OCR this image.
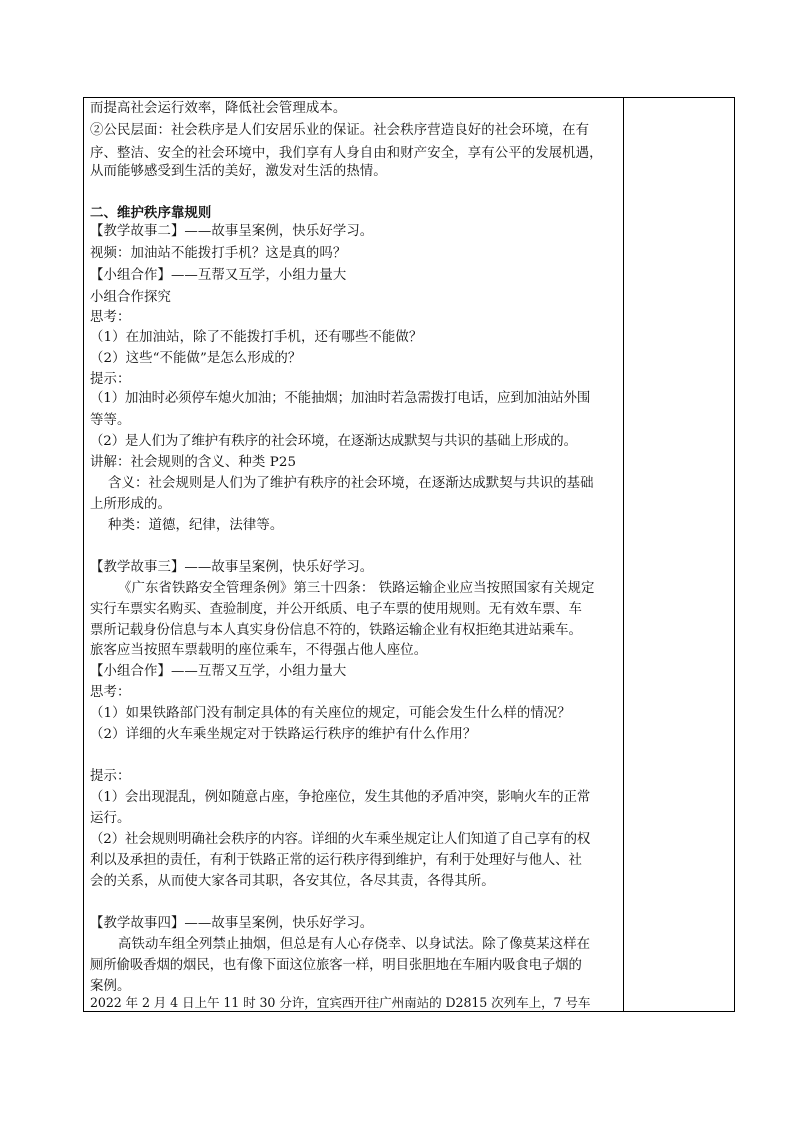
而提高社会运行效率，降低社会管理成本。
②公民层面：社会秩序是人们安居乐业的保证。社会秩序营造良好的社会环境，在有
序、整洁、安全的社会环境中，我们享有人身自由和财产安全，享有公平的发展机遇，
从而能够感受到生活的美好，激发对生活的热情。
二、维护秩序靠规则
【教学故事二】——故事呈案例，快乐好学习。
视频：加油站不能拨打手机？这是真的吗？
【小组合作】——互帮又互学，小组力量大
小组合作探究
思考：
（1）在加油站，除了不能拨打手机，还有哪些不能做？
（2）这些“不能做”是怎么形成的？
提示：
（1）加油时必须停车熄火加油；不能抽烟；加油时若急需拨打电话，应到加油站外围
等等。
（2）是人们为了维护有秩序的社会环境，在逐渐达成默契与共识的基础上形成的。
讲解：社会规则的含义、种类 P25
含义：社会规则是人们为了维护有秩序的社会环境，在逐渐达成默契与共识的基础
上所形成的。
种类：道德，纪律，法律等。
【教学故事三】——故事呈案例，快乐好学习。
《广东省铁路安全管理条例》第三十四条： 铁路运输企业应当按照国家有关规定
实行车票实名购买、查验制度，并公开纸质、电子车票的使用规则。无有效车票、车
票所记载身份信息与本人真实身份信息不符的，铁路运输企业有权拒绝其进站乘车。
旅客应当按照车票载明的座位乘车，不得强占他人座位。
【小组合作】——互帮又互学，小组力量大
思考：
（1）如果铁路部门没有制定具体的有关座位的规定，可能会发生什么样的情况？
（2）详细的火车乘坐规定对于铁路运行秩序的维护有什么作用？
提示：
（1）会出现混乱，例如随意占座，争抢座位，发生其他的矛盾冲突，影响火车的正常
运行。
（2）社会规则明确社会秩序的内容。详细的火车乘坐规定让人们知道了自己享有的权
利以及承担的责任，有利于铁路正常的运行秩序得到维护，有利于处理好与他人、社
会的关系，从而使大家各司其职，各安其位，各尽其责，各得其所。
【教学故事四】——故事呈案例，快乐好学习。
高铁动车组全列禁止抽烟，但总是有人心存侥幸、以身试法。除了像莫某这样在
厕所偷吸香烟的烟民，也有像下面这位旅客一样，明目张胆地在车厢内吸食电子烟的
案例。
2022 年 2 月 4 日上午 11 时 30 分许，宜宾西开往广州南站的 D2815 次列车上，7 号车
